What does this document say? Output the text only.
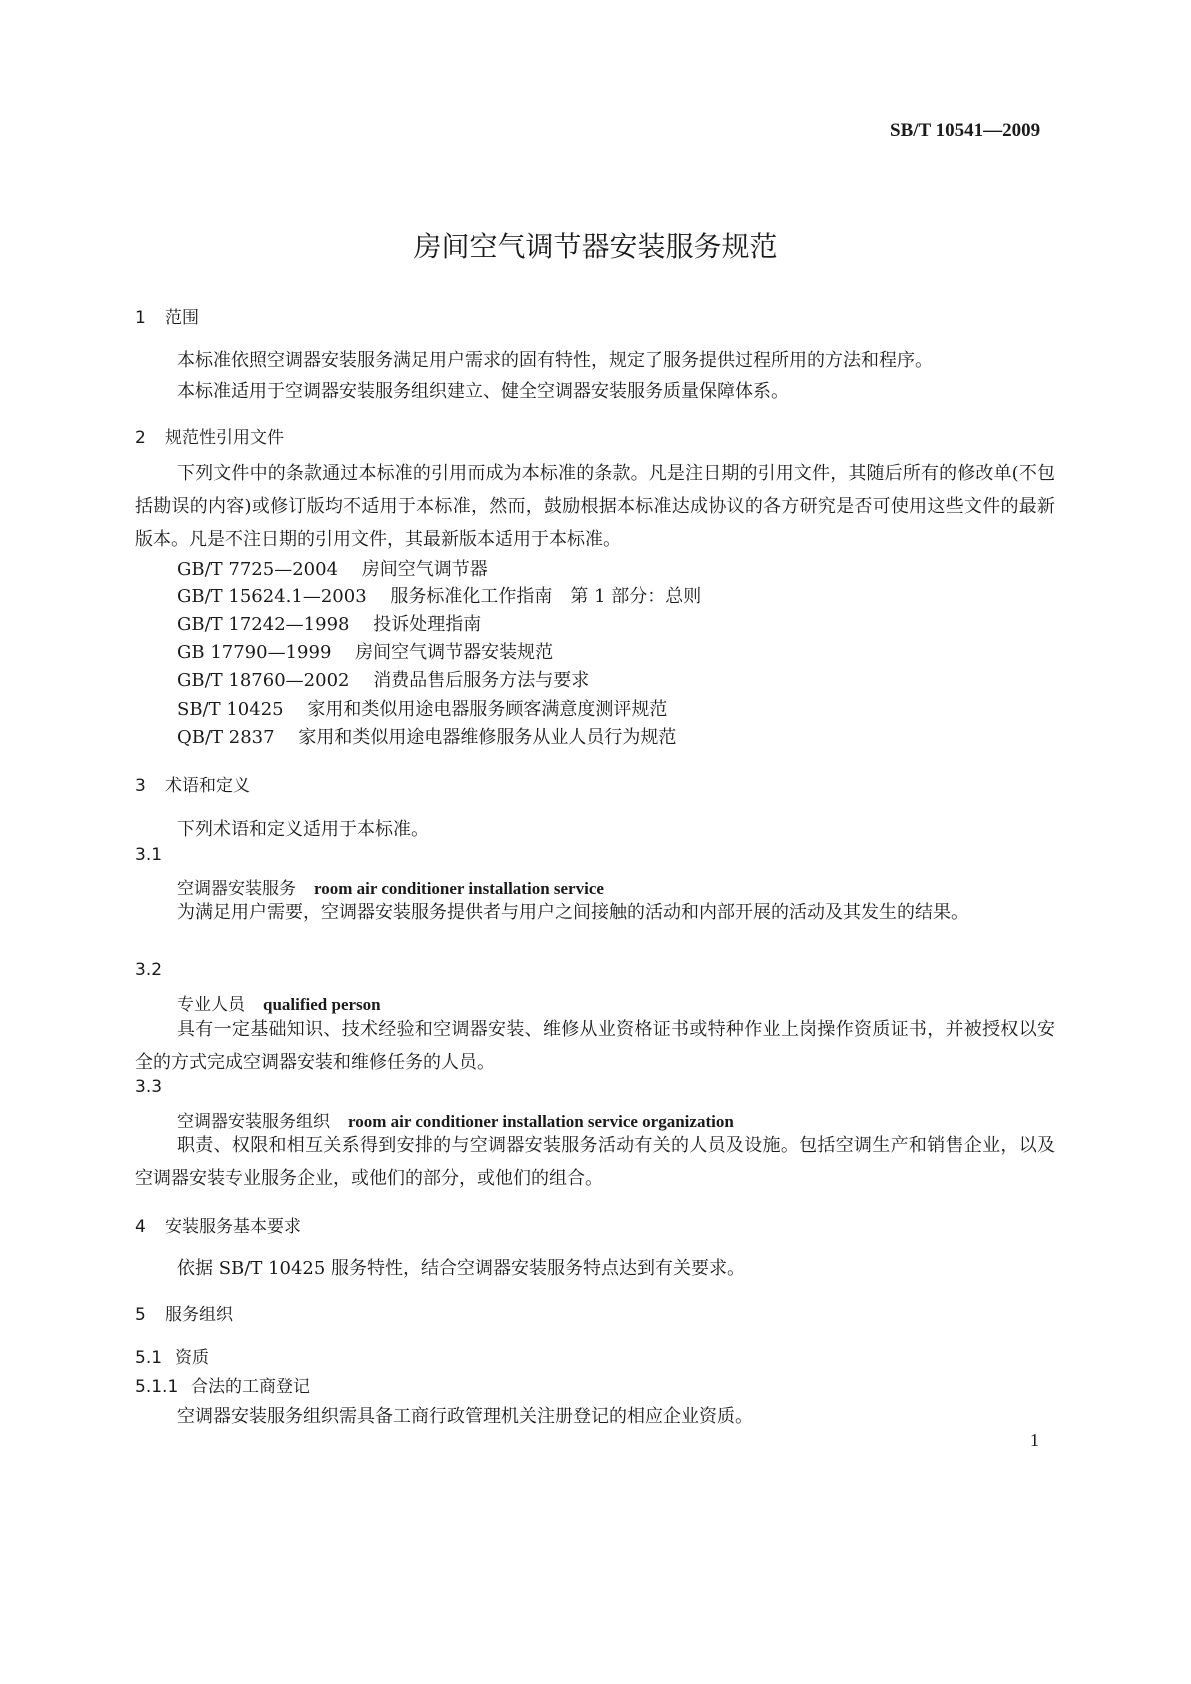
SB/T 10541—2009
房间空气调节器安装服务规范
1 范围
本标准依照空调器安装服务满足用户需求的固有特性，规定了服务提供过程所用的方法和程序。
本标准适用于空调器安装服务组织建立、健全空调器安装服务质量保障体系。
2 规范性引用文件
下列文件中的条款通过本标准的引用而成为本标准的条款。凡是注日期的引用文件，其随后所有的修改单(不包括勘误的内容)或修订版均不适用于本标准，然而，鼓励根据本标准达成协议的各方研究是否可使用这些文件的最新版本。凡是不注日期的引用文件，其最新版本适用于本标准。
GB/T 7725—2004　 房间空气调节器
GB/T 15624.1—2003　 服务标准化工作指南　第 1 部分：总则
GB/T 17242—1998　 投诉处理指南
GB 17790—1999　 房间空气调节器安装规范
GB/T 18760—2002　 消费品售后服务方法与要求
SB/T 10425　 家用和类似用途电器服务顾客满意度测评规范
QB/T 2837　 家用和类似用途电器维修服务从业人员行为规范
3 术语和定义
下列术语和定义适用于本标准。
3.1
空调器安装服务 room air conditioner installation service
为满足用户需要，空调器安装服务提供者与用户之间接触的活动和内部开展的活动及其发生的结果。
3.2
专业人员 qualified person
具有一定基础知识、技术经验和空调器安装、维修从业资格证书或特种作业上岗操作资质证书，并被授权以安全的方式完成空调器安装和维修任务的人员。
3.3
空调器安装服务组织 room air conditioner installation service organization
职责、权限和相互关系得到安排的与空调器安装服务活动有关的人员及设施。包括空调生产和销售企业，以及空调器安装专业服务企业，或他们的部分，或他们的组合。
4 安装服务基本要求
依据 SB/T 10425 服务特性，结合空调器安装服务特点达到有关要求。
5 服务组织
5.1 资质
5.1.1 合法的工商登记
空调器安装服务组织需具备工商行政管理机关注册登记的相应企业资质。
1
